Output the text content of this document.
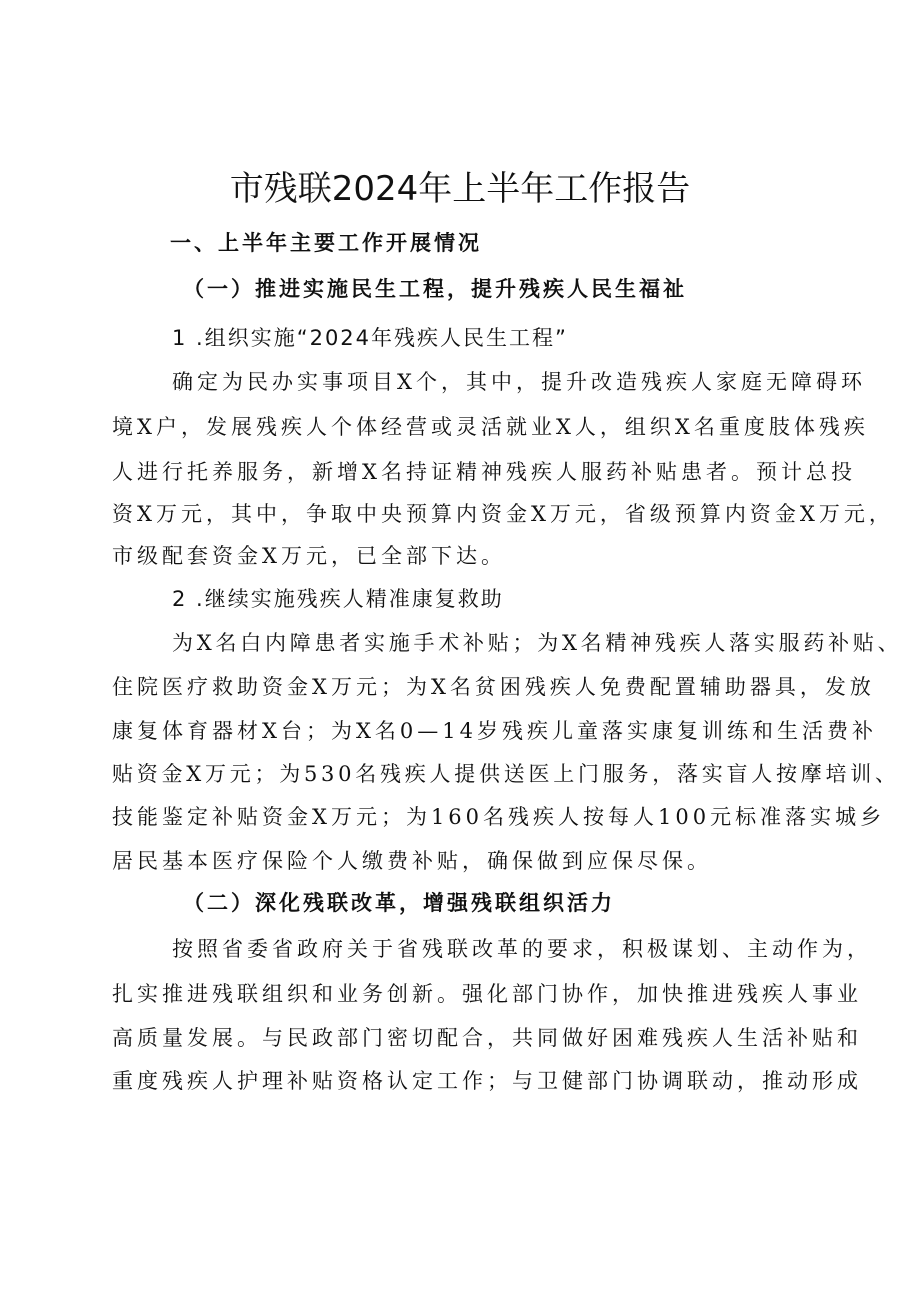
市残联2024年上半年工作报告
一、上半年主要工作开展情况
（一）推进实施民生工程，提升残疾人民生福祉
1 .组织实施“2024年残疾人民生工程”
确定为民办实事项目X个，其中，提升改造残疾人家庭无障碍环
境X户，发展残疾人个体经营或灵活就业X人，组织X名重度肢体残疾
人进行托养服务，新增X名持证精神残疾人服药补贴患者。预计总投
资X万元，其中，争取中央预算内资金X万元，省级预算内资金X万元，
市级配套资金X万元，已全部下达。
2 .继续实施残疾人精准康复救助
为X名白内障患者实施手术补贴；为X名精神残疾人落实服药补贴、
住院医疗救助资金X万元；为X名贫困残疾人免费配置辅助器具，发放
康复体育器材X台；为X名0—14岁残疾儿童落实康复训练和生活费补
贴资金X万元；为530名残疾人提供送医上门服务，落实盲人按摩培训、
技能鉴定补贴资金X万元；为160名残疾人按每人100元标准落实城乡
居民基本医疗保险个人缴费补贴，确保做到应保尽保。
（二）深化残联改革，增强残联组织活力
按照省委省政府关于省残联改革的要求，积极谋划、主动作为，
扎实推进残联组织和业务创新。强化部门协作，加快推进残疾人事业
高质量发展。与民政部门密切配合，共同做好困难残疾人生活补贴和
重度残疾人护理补贴资格认定工作；与卫健部门协调联动，推动形成
